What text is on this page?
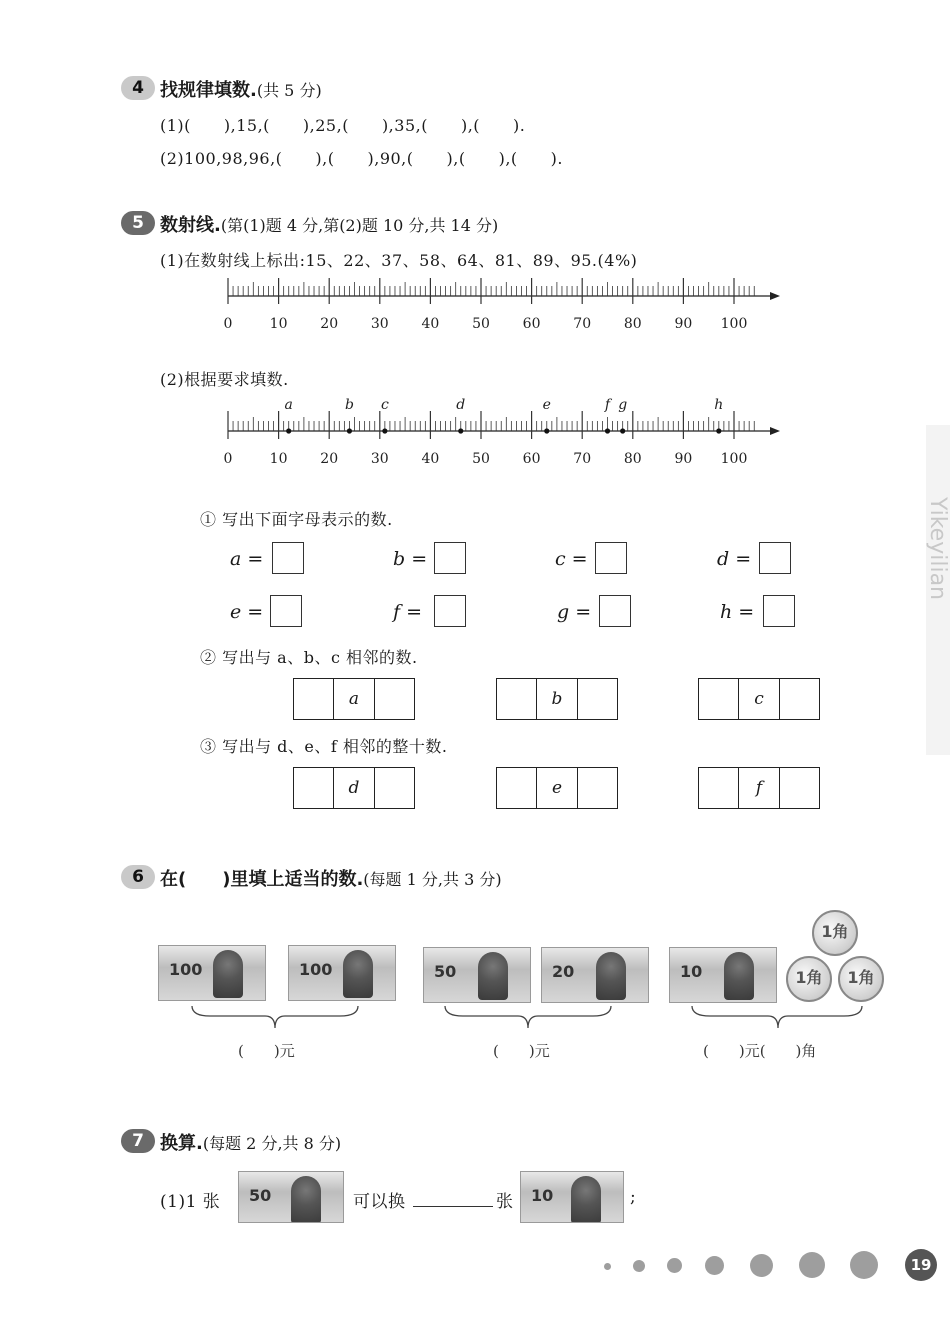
Yikeyilian
4 找规律填数.(共 5 分)
(1)(　　),15,(　　),25,(　　),35,(　　),(　　).
(2)100,98,96,(　　),(　　),90,(　　),(　　),(　　).
5 数射线.(第(1)题 4 分,第(2)题 10 分,共 14 分)
(1)在数射线上标出:15、22、37、58、64、81、89、95.(4%)
0	10 20 30 40 50 60 70 80 90 100
(2)根据要求填数.
0	10 20 30 40 50 60 70 80 90 100
a	b c	d	e	f g	h
① 写出下面字母表示的数.
a =	b =	c =	d =
e =	f =	g =	h =
② 写出与 a、b、c 相邻的数.
a	b	c
③ 写出与 d、e、f 相邻的整十数.
d	e	f
6 在(　　)里填上适当的数.(每题 1 分,共 3 分)
100	100	50	20	10
1角
1角	1角
(　　)元	(　　)元	(　　)元(　　)角
7 换算.(每题 2 分,共 8 分)
(1)1 张 50	可以换	张 10	;
19
